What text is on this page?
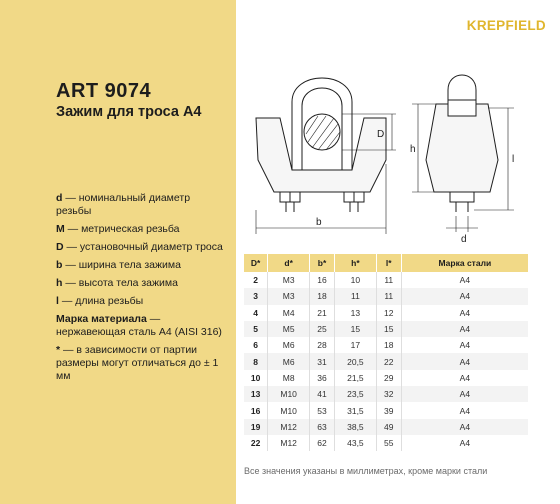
ART 9074
Зажим для троса А4
d — номинальный диаметр резьбы
M — метрическая резьба
D — установочный диаметр троса
b — ширина тела зажима
h — высота тела зажима
l — длина резьбы
Марка материала — нержавеющая сталь А4 (AISI 316)
* — в зависимости от партии размеры могут отличаться до ± 1 мм
KREPFIELD
D
b
h
l
d
D*	d*	b*	h*	l*	Марка стали
2	М3	16	10	11	А4
3	М3	18	11	11	А4
4	М4	21	13	12	А4
5	М5	25	15	15	А4
6	М6	28	17	18	А4
8	М6	31	20,5	22	А4
10	М8	36	21,5	29	А4
13	М10	41	23,5	32	А4
16	М10	53	31,5	39	А4
19	М12	63	38,5	49	А4
22	М12	62	43,5	55	А4
Все значения указаны в миллиметрах, кроме марки стали
